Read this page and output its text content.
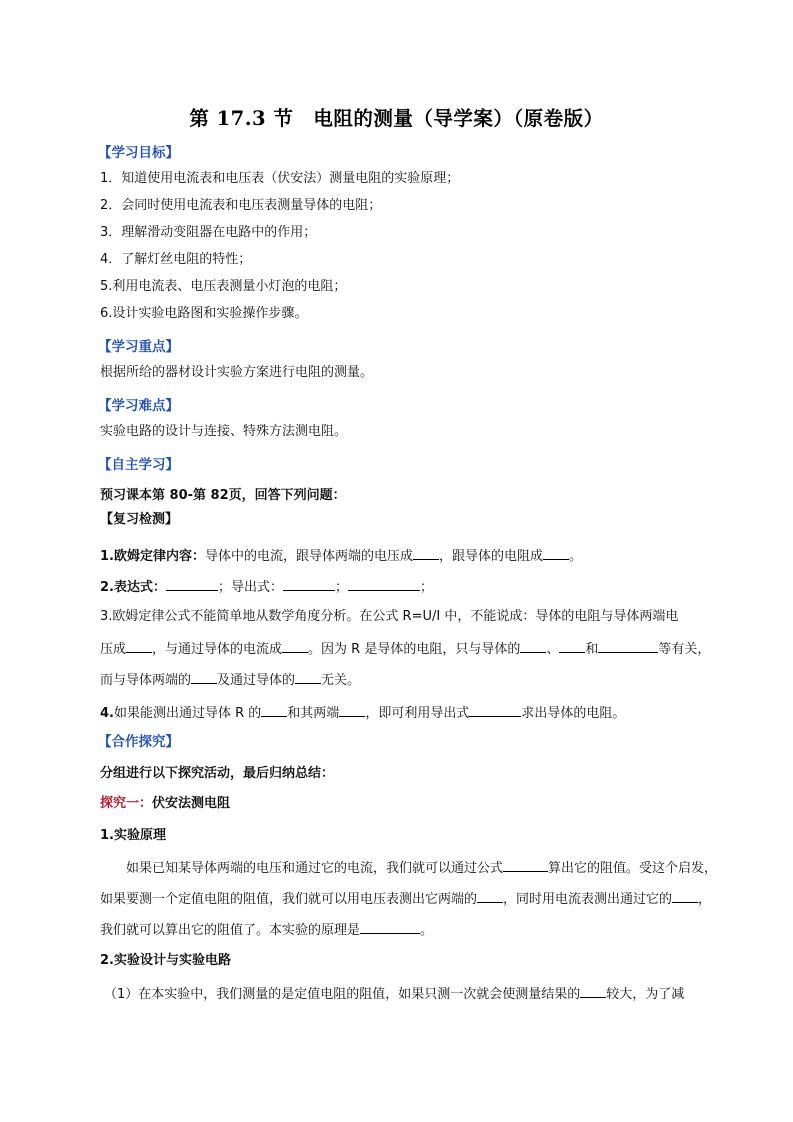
第 17.3 节　电阻的测量（导学案）（原卷版）
【学习目标】
1．知道使用电流表和电压表（伏安法）测量电阻的实验原理；
2．会同时使用电流表和电压表测量导体的电阻；
3．理解滑动变阻器在电路中的作用；
4．了解灯丝电阻的特性；
5.利用电流表、电压表测量小灯泡的电阻；
6.设计实验电路图和实验操作步骤。
【学习重点】
根据所给的器材设计实验方案进行电阻的测量。
【学习难点】
实验电路的设计与连接、特殊方法测电阻。
【自主学习】
预习课本第 80-第 82页，回答下列问题：
【复习检测】
1.欧姆定律内容：导体中的电流，跟导体两端的电压成 ，跟导体的电阻成 。
2.表达式：	；导出式：	；	；
3.欧姆定律公式不能简单地从数学角度分析。在公式 R=U/I 中，不能说成：导体的电阻与导体两端电
压成 ，与通过导体的电流成 。因为 R 是导体的电阻，只与导体的 、 和	等有关，
而与导体两端的 及通过导体的 无关。
4.如果能测出通过导体 R 的 和其两端 ，即可利用导出式	求出导体的电阻。
【合作探究】
分组进行以下探究活动，最后归纳总结：
探究一：伏安法测电阻
1.实验原理
如果已知某导体两端的电压和通过它的电流，我们就可以通过公式	算出它的阻值。受这个启发，
如果要测一个定值电阻的阻值，我们就可以用电压表测出它两端的 ，同时用电流表测出通过它的 ，
我们就可以算出它的阻值了。本实验的原理是	。
2.实验设计与实验电路
（1）在本实验中，我们测量的是定值电阻的阻值，如果只测一次就会使测量结果的 较大，为了减
